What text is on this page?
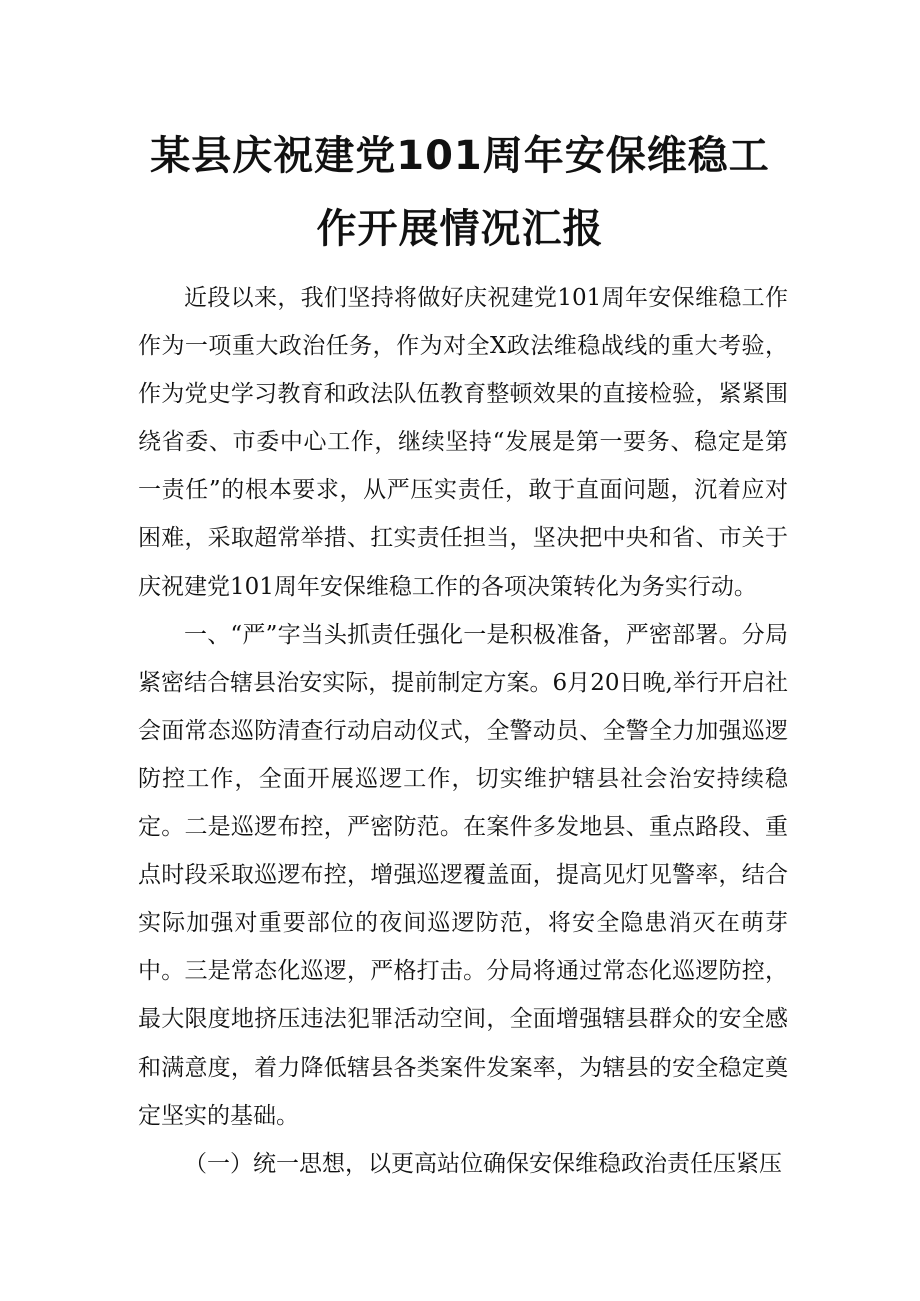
某县庆祝建党101周年安保维稳工
作开展情况汇报

近段以来，我们坚持将做好庆祝建党101周年安保维稳工作作为一项重大政治任务，作为对全X政法维稳战线的重大考验，作为党史学习教育和政法队伍教育整顿效果的直接检验，紧紧围绕省委、市委中心工作，继续坚持“发展是第一要务、稳定是第一责任”的根本要求，从严压实责任，敢于直面问题，沉着应对困难，采取超常举措、扛实责任担当，坚决把中央和省、市关于庆祝建党101周年安保维稳工作的各项决策转化为务实行动。

一、“严”字当头抓责任强化一是积极准备，严密部署。分局紧密结合辖县治安实际，提前制定方案。6月20日晚,举行开启社会面常态巡防清查行动启动仪式，全警动员、全警全力加强巡逻防控工作，全面开展巡逻工作，切实维护辖县社会治安持续稳定。二是巡逻布控，严密防范。在案件多发地县、重点路段、重点时段采取巡逻布控，增强巡逻覆盖面，提高见灯见警率，结合实际加强对重要部位的夜间巡逻防范，将安全隐患消灭在萌芽中。三是常态化巡逻，严格打击。分局将通过常态化巡逻防控，最大限度地挤压违法犯罪活动空间，全面增强辖县群众的安全感和满意度，着力降低辖县各类案件发案率，为辖县的安全稳定奠定坚实的基础。

（一）统一思想，以更高站位确保安保维稳政治责任压紧压
